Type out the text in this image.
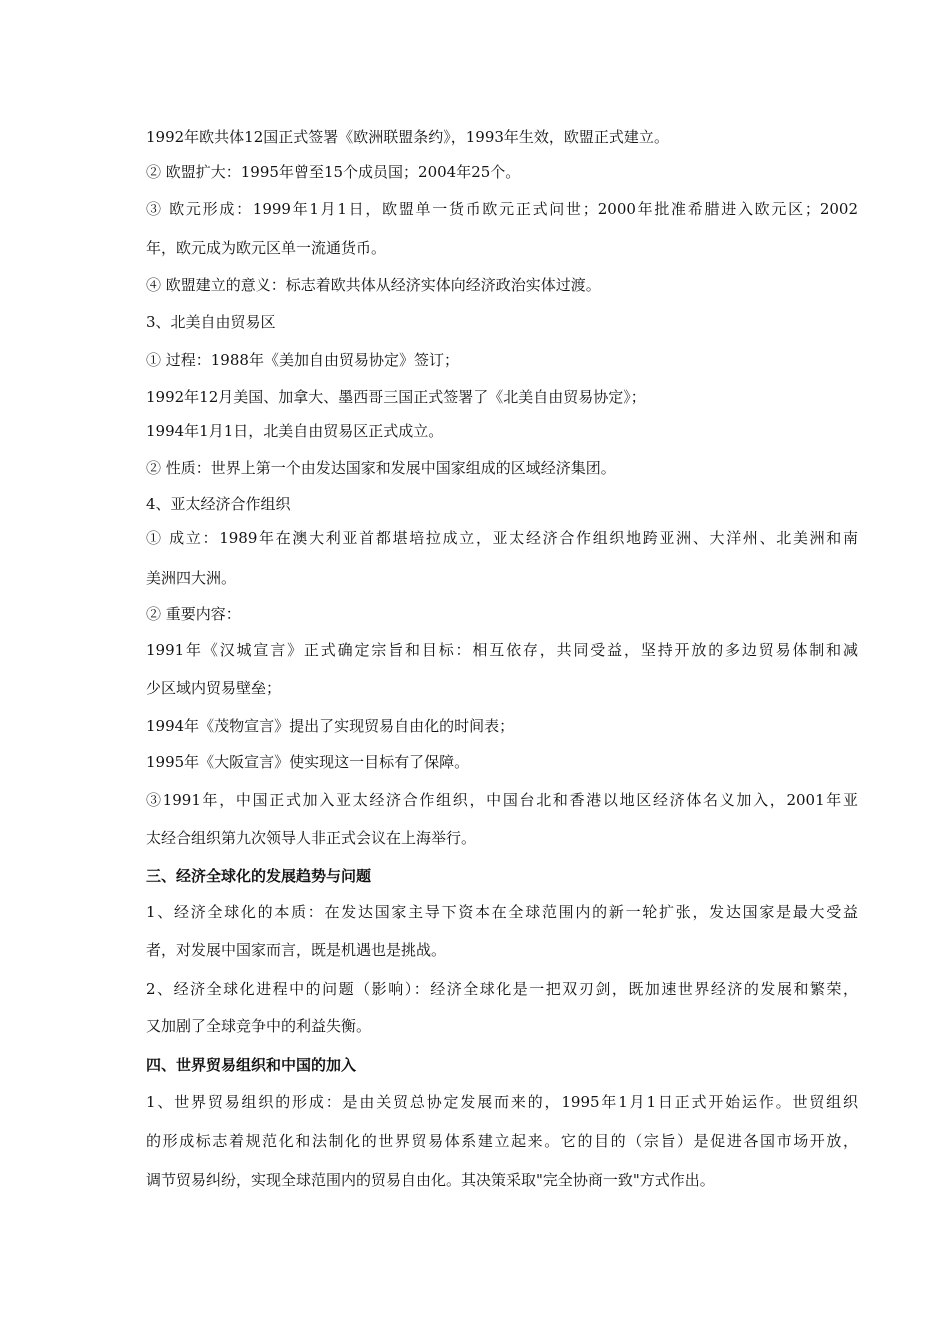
1992年欧共体12国正式签署《欧洲联盟条约》，1993年生效，欧盟正式建立。
② 欧盟扩大：1995年曾至15个成员国；2004年25个。
③ 欧元形成：1999年1月1日，欧盟单一货币欧元正式问世；2000年批准希腊进入欧元区；2002
年，欧元成为欧元区单一流通货币。
④ 欧盟建立的意义：标志着欧共体从经济实体向经济政治实体过渡。
3、北美自由贸易区
① 过程：1988年《美加自由贸易协定》签订；
1992年12月美国、加拿大、墨西哥三国正式签署了《北美自由贸易协定》；
1994年1月1日，北美自由贸易区正式成立。
② 性质：世界上第一个由发达国家和发展中国家组成的区域经济集团。
4、亚太经济合作组织
① 成立：1989年在澳大利亚首都堪培拉成立，亚太经济合作组织地跨亚洲、大洋州、北美洲和南
美洲四大洲。
② 重要内容：
1991年《汉城宣言》正式确定宗旨和目标：相互依存，共同受益，坚持开放的多边贸易体制和减
少区域内贸易壁垒；
1994年《茂物宣言》提出了实现贸易自由化的时间表；
1995年《大阪宣言》使实现这一目标有了保障。
③1991年，中国正式加入亚太经济合作组织，中国台北和香港以地区经济体名义加入，2001年亚
太经合组织第九次领导人非正式会议在上海举行。
三、经济全球化的发展趋势与问题
1、经济全球化的本质：在发达国家主导下资本在全球范围内的新一轮扩张，发达国家是最大受益
者，对发展中国家而言，既是机遇也是挑战。
2、经济全球化进程中的问题（影响）：经济全球化是一把双刃剑，既加速世界经济的发展和繁荣，
又加剧了全球竞争中的利益失衡。
四、世界贸易组织和中国的加入
1、世界贸易组织的形成：是由关贸总协定发展而来的，1995年1月1日正式开始运作。世贸组织
的形成标志着规范化和法制化的世界贸易体系建立起来。它的目的（宗旨）是促进各国市场开放，
调节贸易纠纷，实现全球范围内的贸易自由化。其决策采取"完全协商一致"方式作出。
